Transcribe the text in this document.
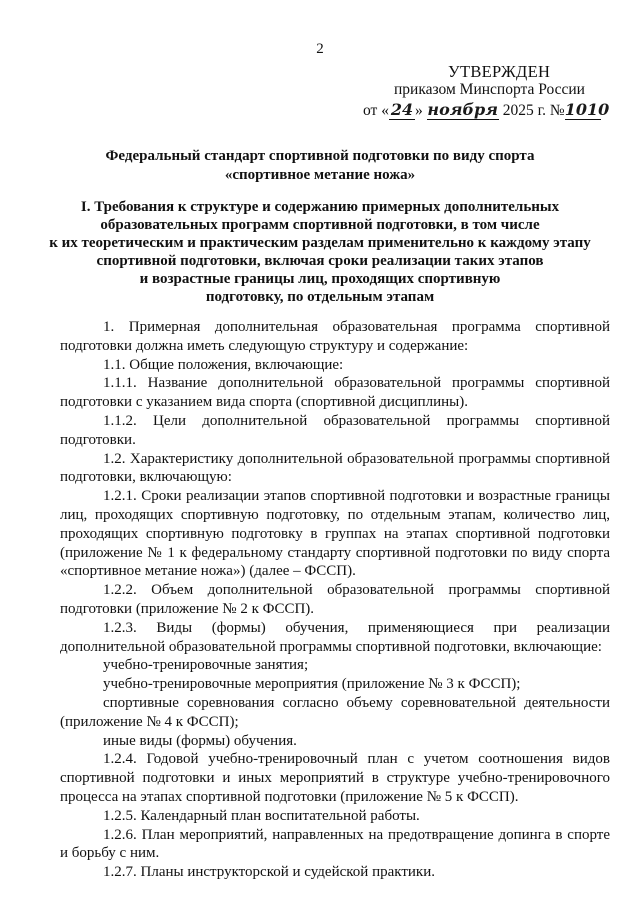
2
УТВЕРЖДЕН
приказом Минспорта России
от « 24 » ноября 2025 г. №1010
Федеральный стандарт спортивной подготовки по виду спорта
«спортивное метание ножа»
I. Требования к структуре и содержанию примерных дополнительных
образовательных программ спортивной подготовки, в том числе
к их теоретическим и практическим разделам применительно к каждому этапу
спортивной подготовки, включая сроки реализации таких этапов
и возрастные границы лиц, проходящих спортивную
подготовку, по отдельным этапам

1. Примерная дополнительная образовательная программа спортивной подготовки должна иметь следующую структуру и содержание:

1.1. Общие положения, включающие:

1.1.1. Название дополнительной образовательной программы спортивной подготовки с указанием вида спорта (спортивной дисциплины).

1.1.2. Цели дополнительной образовательной программы спортивной подготовки.

1.2. Характеристику дополнительной образовательной программы спортивной подготовки, включающую:

1.2.1. Сроки реализации этапов спортивной подготовки и возрастные границы лиц, проходящих спортивную подготовку, по отдельным этапам, количество лиц, проходящих спортивную подготовку в группах на этапах спортивной подготовки (приложение № 1 к федеральному стандарту спортивной подготовки по виду спорта «спортивное метание ножа») (далее – ФССП).

1.2.2. Объем дополнительной образовательной программы спортивной подготовки (приложение № 2 к ФССП).

1.2.3. Виды (формы) обучения, применяющиеся при реализации дополнительной образовательной программы спортивной подготовки, включающие:

учебно-тренировочные занятия;

учебно-тренировочные мероприятия (приложение № 3 к ФССП);

спортивные соревнования согласно объему соревновательной деятельности (приложение № 4 к ФССП);

иные виды (формы) обучения.

1.2.4. Годовой учебно-тренировочный план с учетом соотношения видов спортивной подготовки и иных мероприятий в структуре учебно-тренировочного процесса на этапах спортивной подготовки (приложение № 5 к ФССП).

1.2.5. Календарный план воспитательной работы.

1.2.6. План мероприятий, направленных на предотвращение допинга в спорте и борьбу с ним.

1.2.7. Планы инструкторской и судейской практики.
